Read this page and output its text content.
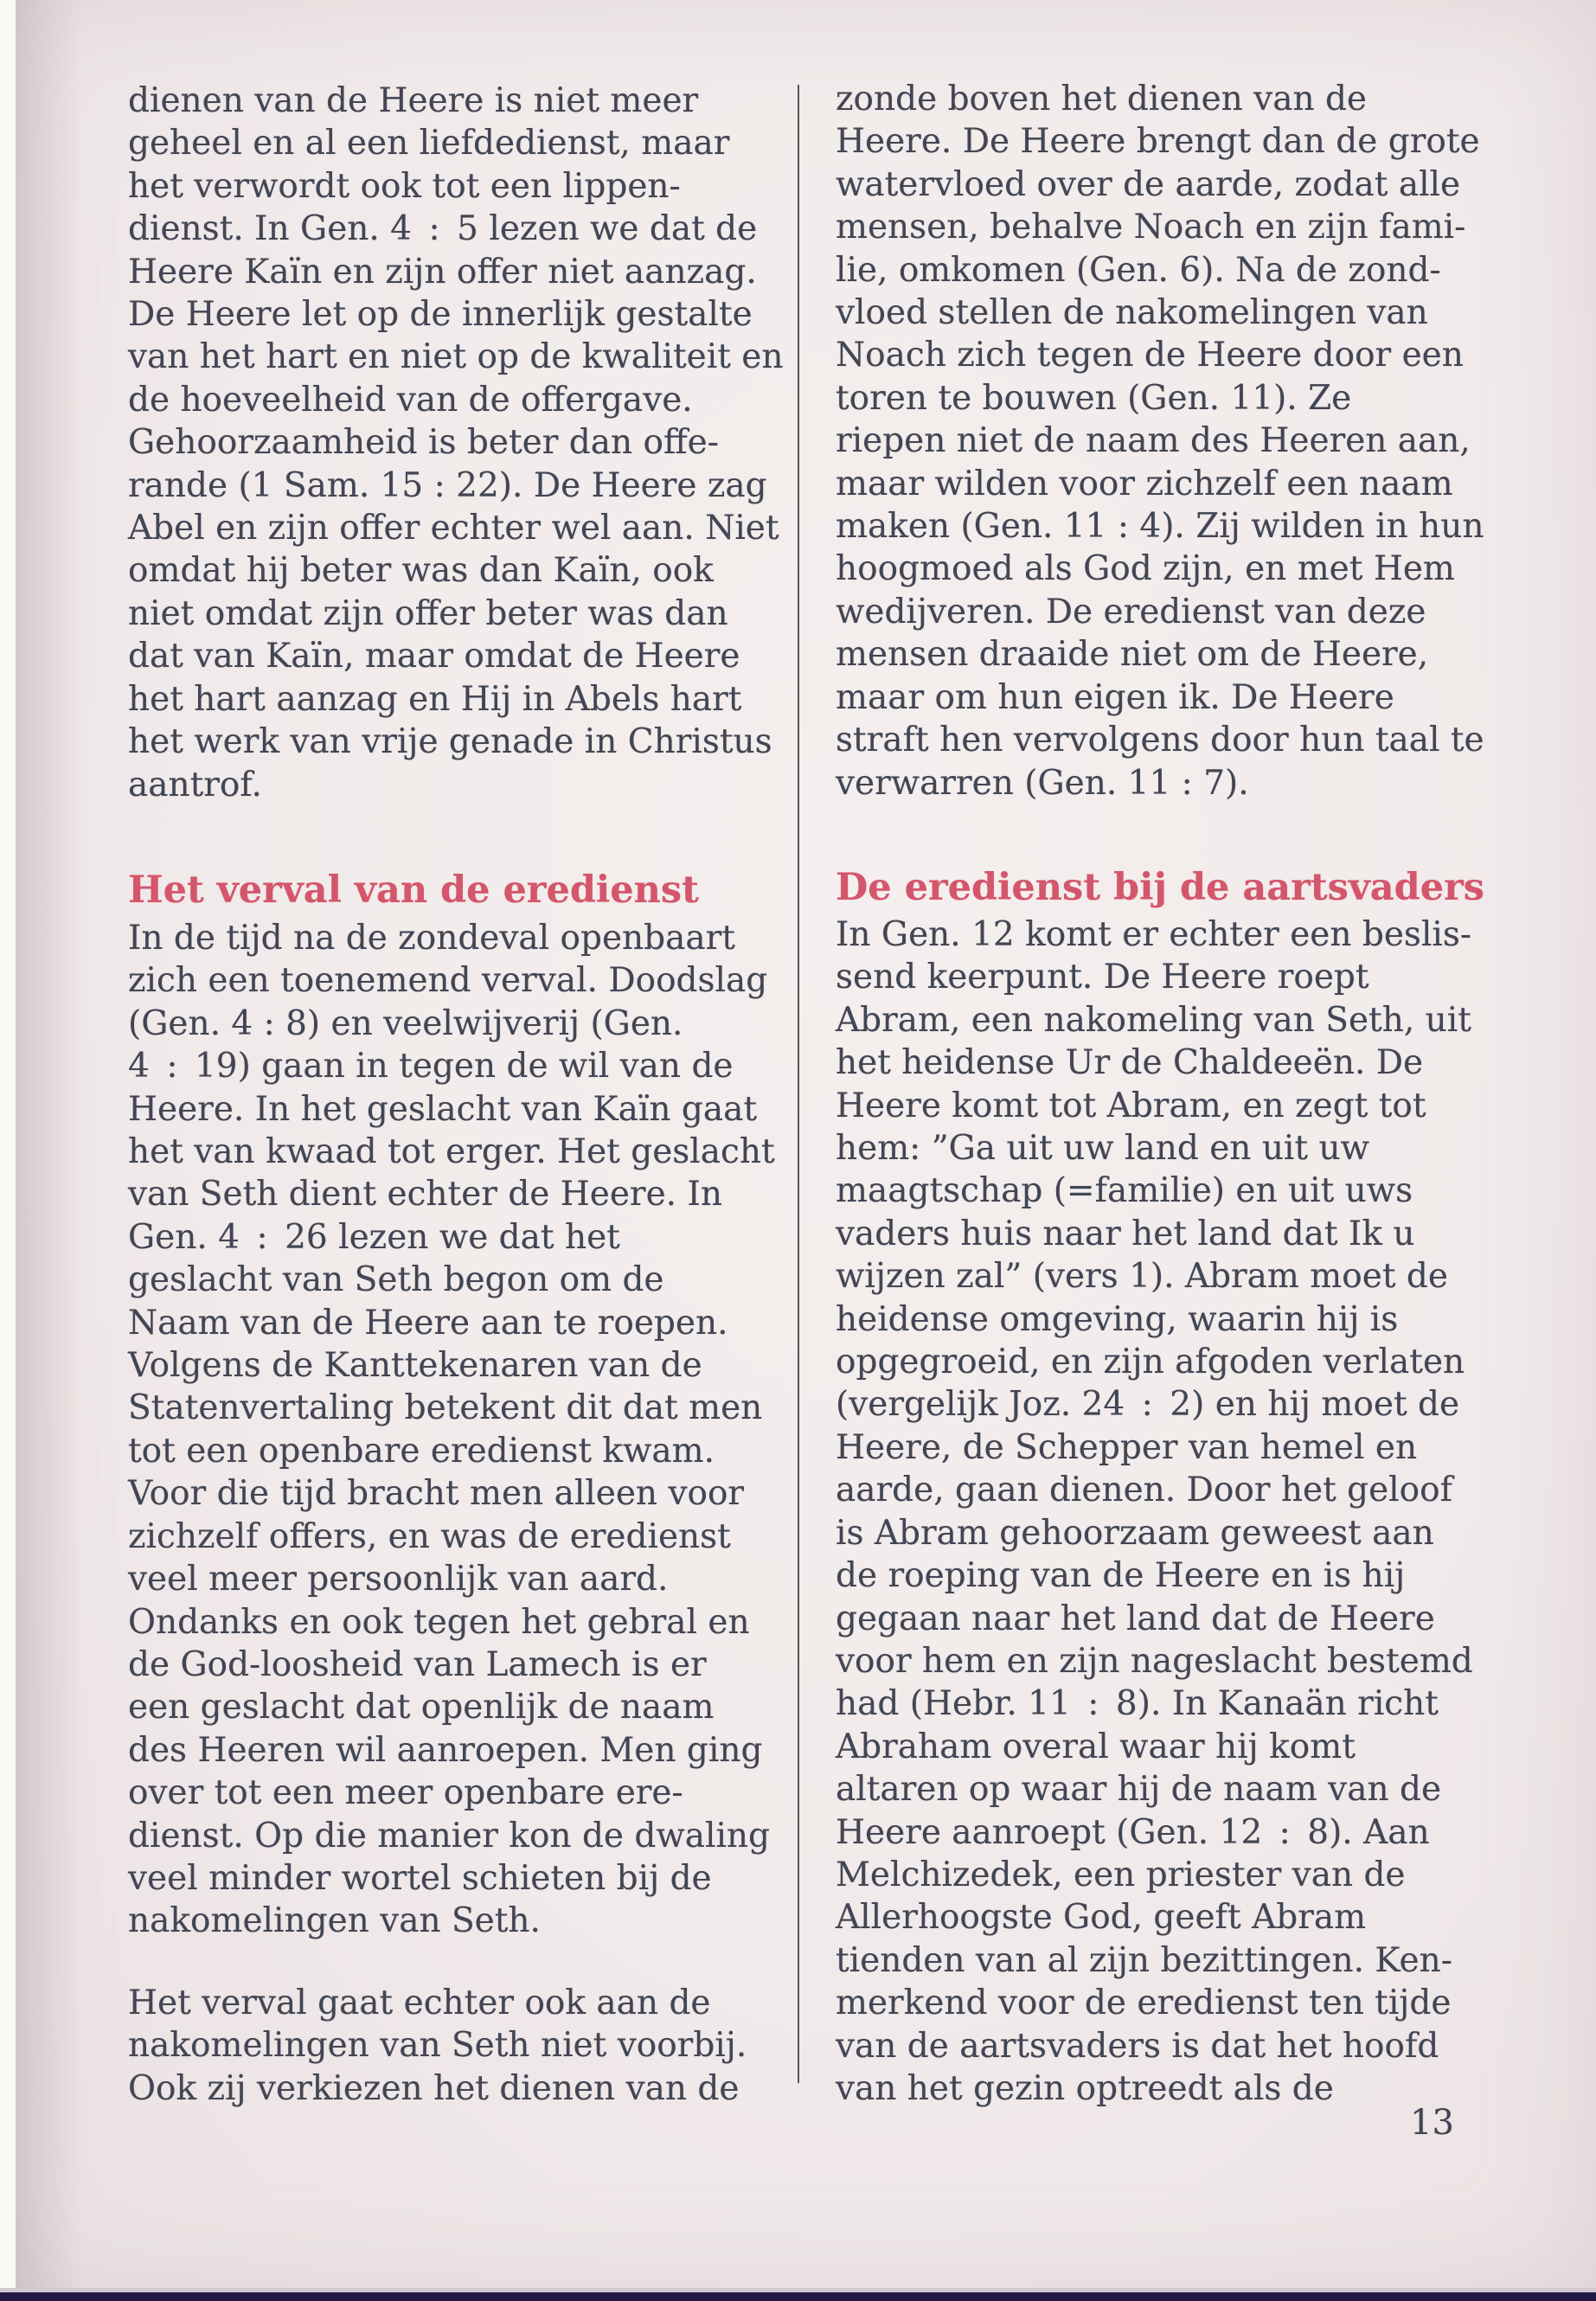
dienen van de Heere is niet meer
geheel en al een liefdedienst, maar
het verwordt ook tot een lippen-
dienst. In Gen. 4 : 5 lezen we dat de
Heere Kaïn en zijn offer niet aanzag.
De Heere let op de innerlijk gestalte
van het hart en niet op de kwaliteit en
de hoeveelheid van de offergave.
Gehoorzaamheid is beter dan offe-
rande (1 Sam. 15 : 22). De Heere zag
Abel en zijn offer echter wel aan. Niet
omdat hij beter was dan Kaïn, ook
niet omdat zijn offer beter was dan
dat van Kaïn, maar omdat de Heere
het hart aanzag en Hij in Abels hart
het werk van vrije genade in Christus
aantrof.
Het verval van de eredienst
In de tijd na de zondeval openbaart
zich een toenemend verval. Doodslag
(Gen. 4 : 8) en veelwijverij (Gen.
4 : 19) gaan in tegen de wil van de
Heere. In het geslacht van Kaïn gaat
het van kwaad tot erger. Het geslacht
van Seth dient echter de Heere. In
Gen. 4 : 26 lezen we dat het
geslacht van Seth begon om de
Naam van de Heere aan te roepen.
Volgens de Kanttekenaren van de
Statenvertaling betekent dit dat men
tot een openbare eredienst kwam.
Voor die tijd bracht men alleen voor
zichzelf offers, en was de eredienst
veel meer persoonlijk van aard.
Ondanks en ook tegen het gebral en
de God-loosheid van Lamech is er
een geslacht dat openlijk de naam
des Heeren wil aanroepen. Men ging
over tot een meer openbare ere-
dienst. Op die manier kon de dwaling
veel minder wortel schieten bij de
nakomelingen van Seth.
Het verval gaat echter ook aan de
nakomelingen van Seth niet voorbij.
Ook zij verkiezen het dienen van de
zonde boven het dienen van de
Heere. De Heere brengt dan de grote
watervloed over de aarde, zodat alle
mensen, behalve Noach en zijn fami-
lie, omkomen (Gen. 6). Na de zond-
vloed stellen de nakomelingen van
Noach zich tegen de Heere door een
toren te bouwen (Gen. 11). Ze
riepen niet de naam des Heeren aan,
maar wilden voor zichzelf een naam
maken (Gen. 11 : 4). Zij wilden in hun
hoogmoed als God zijn, en met Hem
wedijveren. De eredienst van deze
mensen draaide niet om de Heere,
maar om hun eigen ik. De Heere
straft hen vervolgens door hun taal te
verwarren (Gen. 11 : 7).
De eredienst bij de aartsvaders
In Gen. 12 komt er echter een beslis-
send keerpunt. De Heere roept
Abram, een nakomeling van Seth, uit
het heidense Ur de Chaldeeën. De
Heere komt tot Abram, en zegt tot
hem: ”Ga uit uw land en uit uw
maagtschap (=familie) en uit uws
vaders huis naar het land dat Ik u
wijzen zal” (vers 1). Abram moet de
heidense omgeving, waarin hij is
opgegroeid, en zijn afgoden verlaten
(vergelijk Joz. 24 : 2) en hij moet de
Heere, de Schepper van hemel en
aarde, gaan dienen. Door het geloof
is Abram gehoorzaam geweest aan
de roeping van de Heere en is hij
gegaan naar het land dat de Heere
voor hem en zijn nageslacht bestemd
had (Hebr. 11 : 8). In Kanaän richt
Abraham overal waar hij komt
altaren op waar hij de naam van de
Heere aanroept (Gen. 12 : 8). Aan
Melchizedek, een priester van de
Allerhoogste God, geeft Abram
tienden van al zijn bezittingen. Ken-
merkend voor de eredienst ten tijde
van de aartsvaders is dat het hoofd
van het gezin optreedt als de
13
